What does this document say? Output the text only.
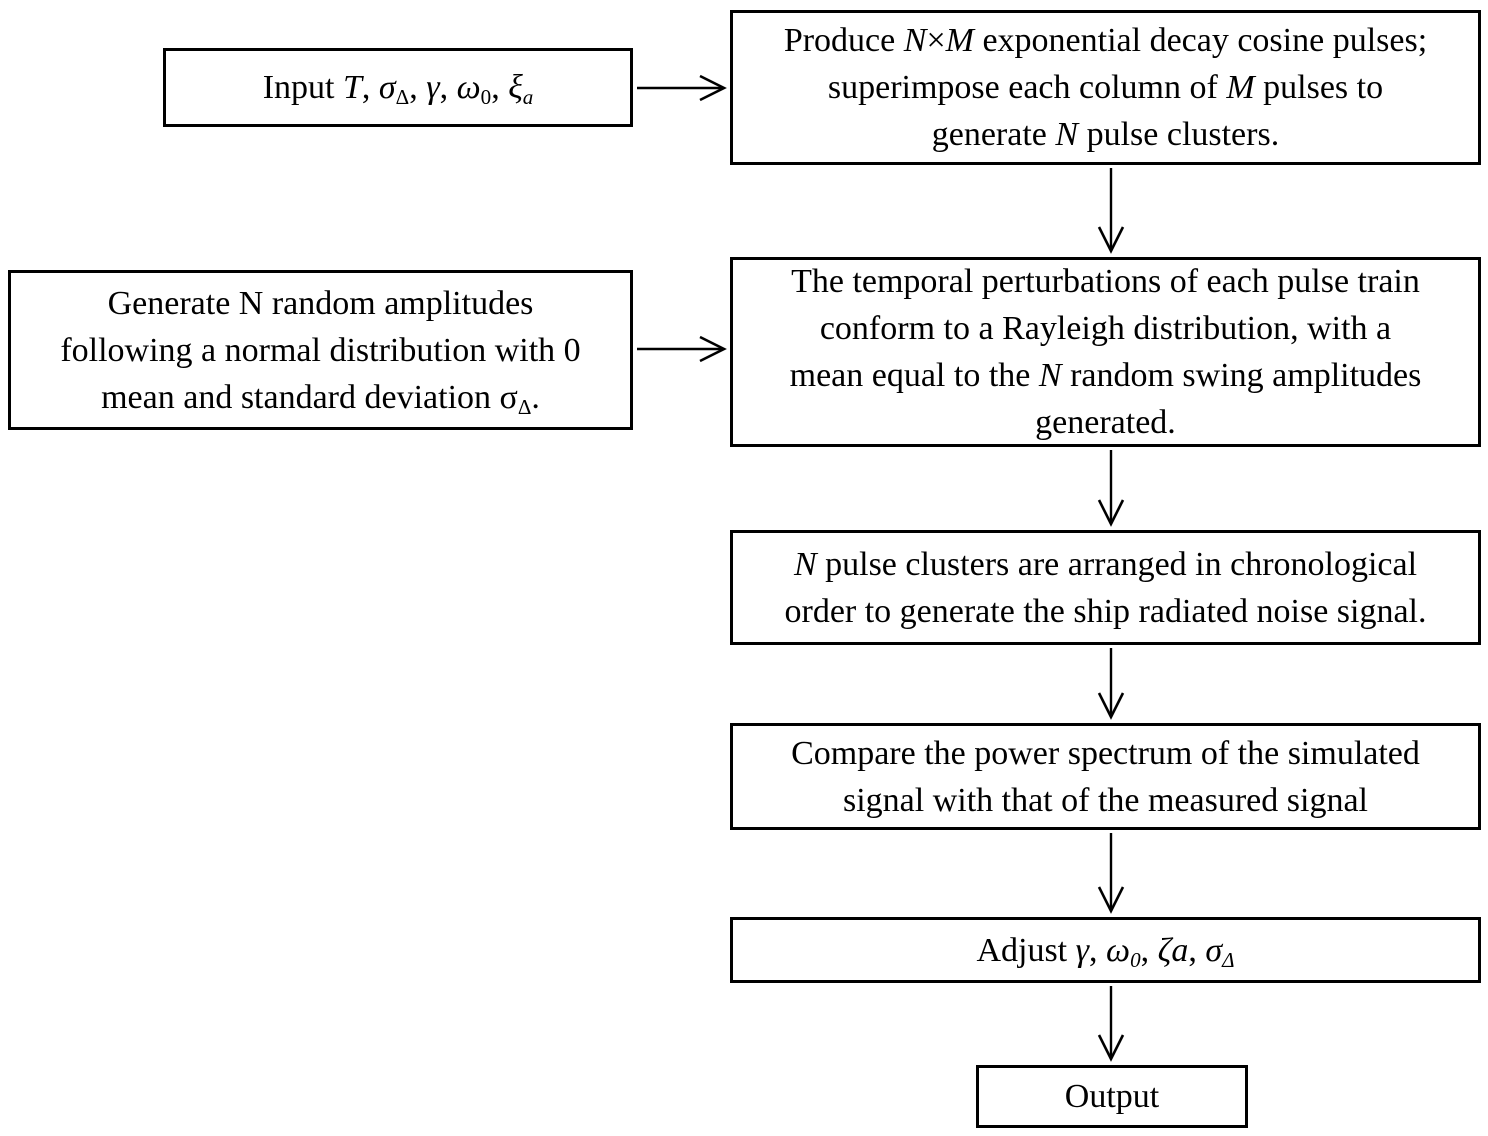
Input T, $\sigma_\Delta$, γ, $\omega_0$, $\xi_a$
Produce N×M exponential decay cosine pulses;
superimpose each column of M pulses to
generate N pulse clusters.
Generate N random amplitudes
following a normal distribution with 0
mean and standard deviation $\sigma_\Delta$.
The temporal perturbations of each pulse train
conform to a Rayleigh distribution, with a
mean equal to the N random swing amplitudes
generated.
N pulse clusters are arranged in chronological
order to generate the ship radiated noise signal.
Compare the power spectrum of the simulated
signal with that of the measured signal
Adjust γ, $\omega_0$, ζa, $\sigma_\Delta$
Output
